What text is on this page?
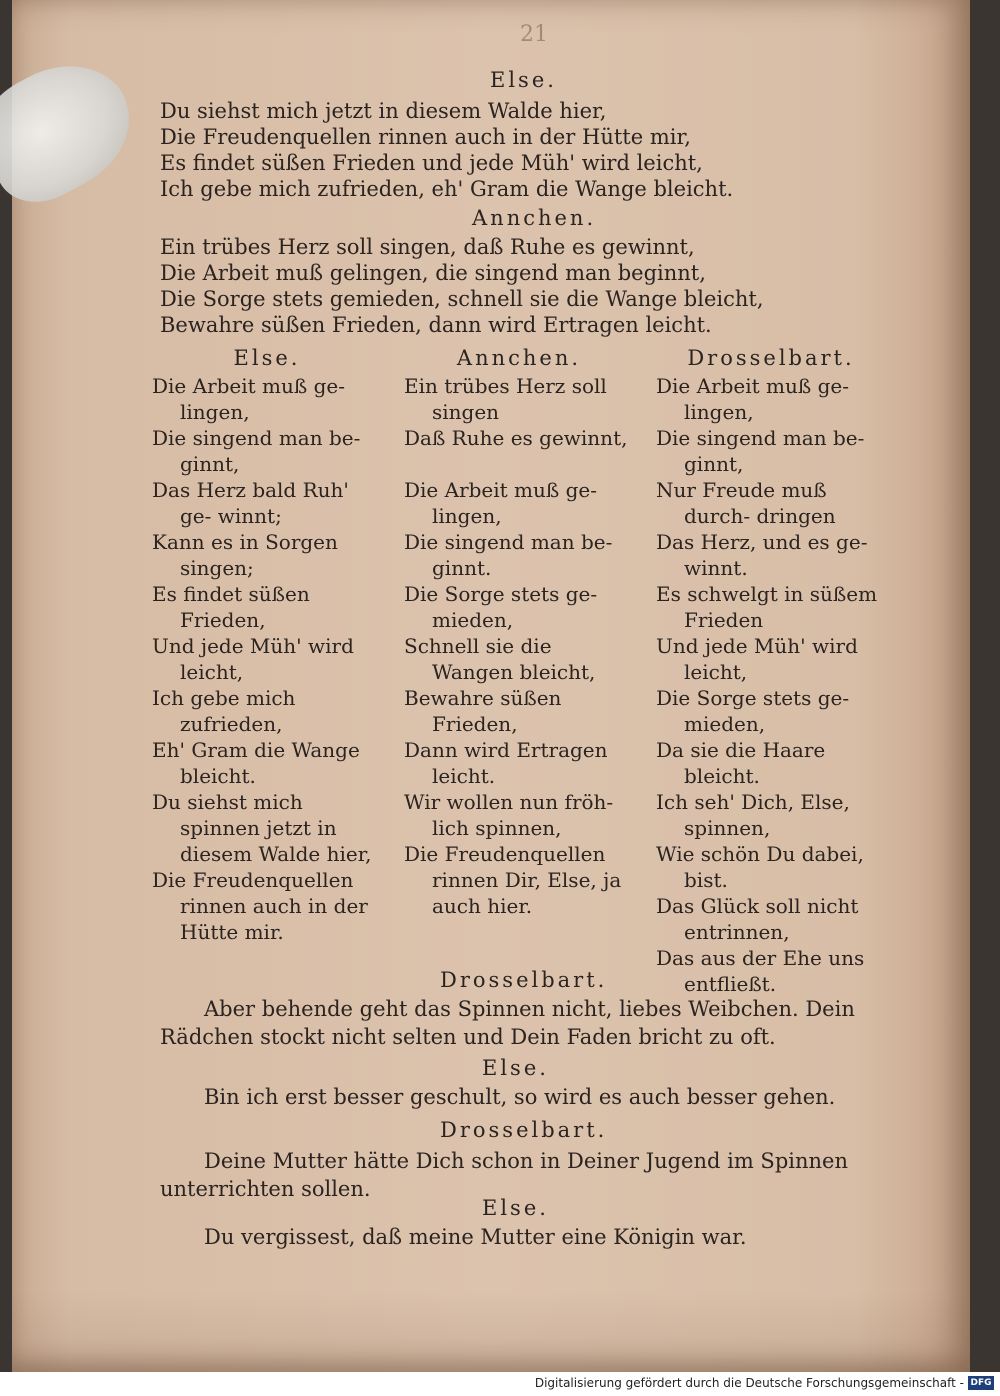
21
Else.
Du siehst mich jetzt in diesem Walde hier,
Die Freudenquellen rinnen auch in der Hütte mir,
Es findet süßen Frieden und jede Müh' wird leicht,
Ich gebe mich zufrieden, eh' Gram die Wange bleicht.
Annchen.
Ein trübes Herz soll singen, daß Ruhe es gewinnt,
Die Arbeit muß gelingen, die singend man beginnt,
Die Sorge stets gemieden, schnell sie die Wange bleicht,
Bewahre süßen Frieden, dann wird Ertragen leicht.
Else.
Die Arbeit muß ge- lingen,
Die singend man be- ginnt,
Das Herz bald Ruh' ge- winnt;
Kann es in Sorgen singen;
Es findet süßen Frieden,
Und jede Müh' wird leicht,
Ich gebe mich zufrieden,
Eh' Gram die Wange bleicht.
Du siehst mich spinnen jetzt in diesem Walde hier,
Die Freudenquellen rinnen auch in der Hütte mir.
Annchen.
Ein trübes Herz soll singen
Daß Ruhe es gewinnt,
Die Arbeit muß ge- lingen,
Die singend man be- ginnt.
Die Sorge stets ge- mieden,
Schnell sie die Wangen bleicht,
Bewahre süßen Frieden,
Dann wird Ertragen leicht.
Wir wollen nun fröh- lich spinnen,
Die Freudenquellen rinnen Dir, Else, ja auch hier.
Drosselbart.
Die Arbeit muß ge- lingen,
Die singend man be- ginnt,
Nur Freude muß durch- dringen
Das Herz, und es ge- winnt.
Es schwelgt in süßem Frieden
Und jede Müh' wird leicht,
Die Sorge stets ge- mieden,
Da sie die Haare bleicht.
Ich seh' Dich, Else, spinnen,
Wie schön Du dabei, bist.
Das Glück soll nicht entrinnen,
Das aus der Ehe uns entfließt.
Drosselbart.
Aber behende geht das Spinnen nicht, liebes Weibchen. Dein
Rädchen stockt nicht selten und Dein Faden bricht zu oft.
Else.
Bin ich erst besser geschult, so wird es auch besser gehen.
Drosselbart.
Deine Mutter hätte Dich schon in Deiner Jugend im Spinnen
unterrichten sollen.
Else.
Du vergissest, daß meine Mutter eine Königin war.
Digitalisierung gefördert durch die Deutsche Forschungsgemeinschaft - DFG
